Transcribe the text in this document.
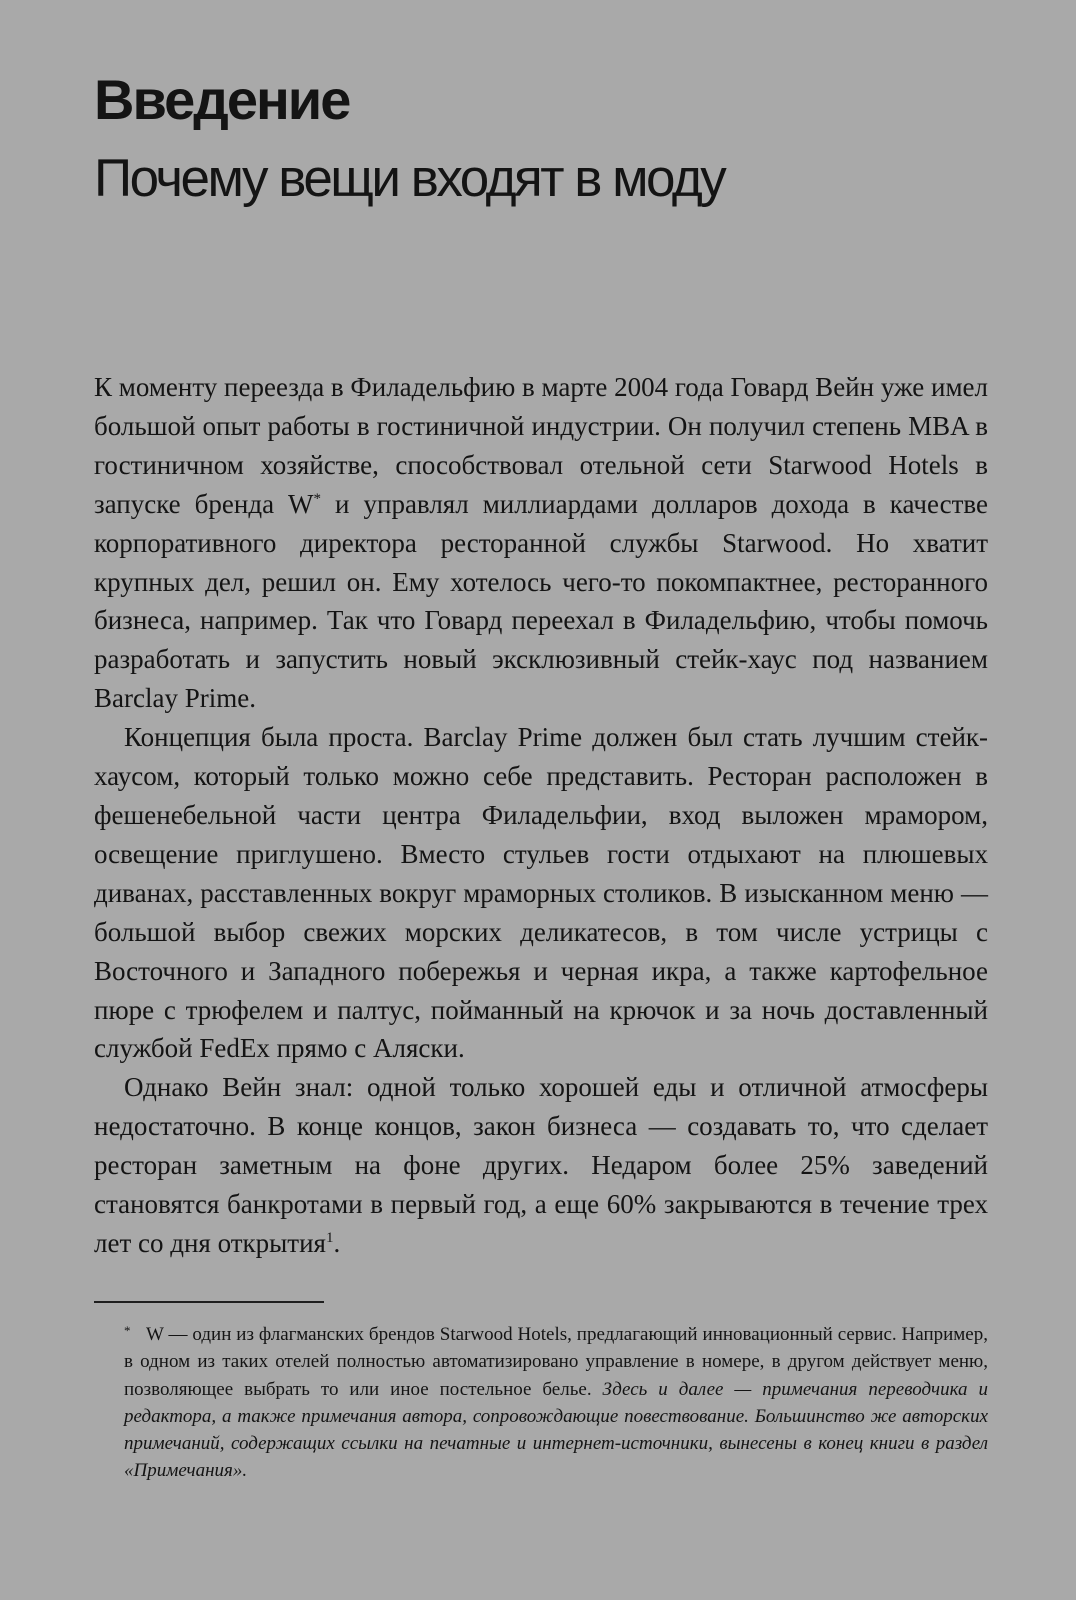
Введение
Почему вещи входят в моду

К моменту переезда в Филадельфию в марте 2004 года Говард Вейн уже имел большой опыт работы в гостиничной индустрии. Он получил степень MBA в гостиничном хозяйстве, способствовал отельной сети Starwood Hotels в запуске бренда W* и управлял миллиардами долларов дохода в качестве корпоративного директора ресторанной службы Starwood. Но хватит крупных дел, решил он. Ему хотелось чего-то покомпактнее, ресторанного бизнеса, например. Так что Говард переехал в Филадельфию, чтобы помочь разработать и запустить новый эксклюзивный стейк-хаус под названием Barclay Prime.

Концепция была проста. Barclay Prime должен был стать лучшим стейк-хаусом, который только можно себе представить. Ресторан расположен в фешенебельной части центра Филадельфии, вход выложен мрамором, освещение приглушено. Вместо стульев гости отдыхают на плюшевых диванах, расставленных вокруг мраморных столиков. В изысканном меню — большой выбор свежих морских деликатесов, в том числе устрицы с Восточного и Западного побережья и черная икра, а также картофельное пюре с трюфелем и палтус, пойманный на крючок и за ночь доставленный службой FedEx прямо с Аляски.

Однако Вейн знал: одной только хорошей еды и отличной атмосферы недостаточно. В конце концов, закон бизнеса — создавать то, что сделает ресторан заметным на фоне других. Недаром более 25% заведений становятся банкротами в первый год, а еще 60% закрываются в течение трех лет со дня открытия$^1$.

* W — один из флагманских брендов Starwood Hotels, предлагающий инновационный сервис. Например, в одном из таких отелей полностью автоматизировано управление в номере, в другом действует меню, позволяющее выбрать то или иное постельное белье. Здесь и далее — примечания переводчика и редактора, а также примечания автора, сопровождающие повествование. Большинство же авторских примечаний, содержащих ссылки на печатные и интернет-источники, вынесены в конец книги в раздел «Примечания».
